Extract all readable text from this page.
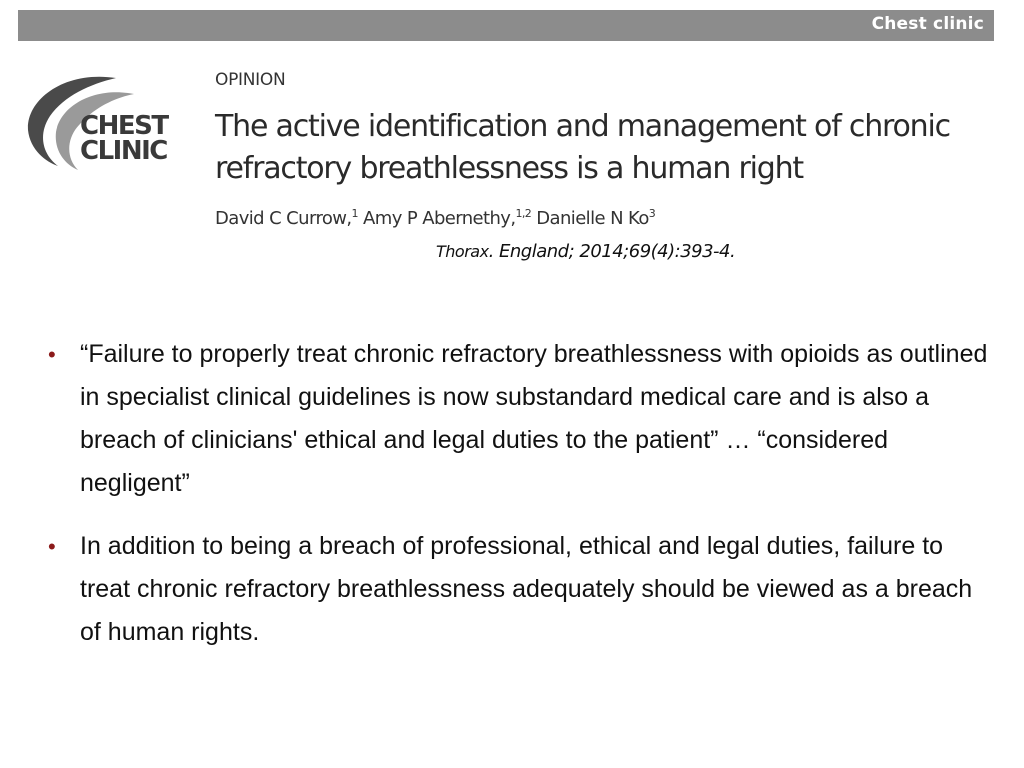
Chest clinic
CHEST
CLINIC
OPINION
The active identification and management of chronic refractory breathlessness is a human right
David C Currow,$^1$ Amy P Abernethy,$^{1,2}$ Danielle N Ko$^3$
Thorax. England; 2014;69(4):393-4.
• “Failure to properly treat chronic refractory breathlessness with opioids as outlined in specialist clinical guidelines is now substandard medical care and is also a breach of clinicians' ethical and legal duties to the patient” … “considered negligent”
• In addition to being a breach of professional, ethical and legal duties, failure to treat chronic refractory breathlessness adequately should be viewed as a breach of human rights.
